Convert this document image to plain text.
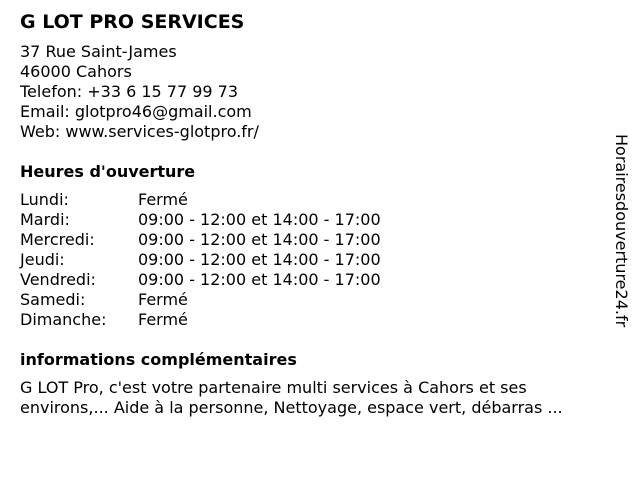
G LOT PRO SERVICES
37 Rue Saint-James
46000 Cahors
Telefon: +33 6 15 77 99 73
Email: glotpro46@gmail.com
Web: www.services-glotpro.fr/
Heures d'ouverture
Lundi:	Fermé
Mardi:	09:00 - 12:00 et 14:00 - 17:00
Mercredi:	09:00 - 12:00 et 14:00 - 17:00
Jeudi:	09:00 - 12:00 et 14:00 - 17:00
Vendredi:	09:00 - 12:00 et 14:00 - 17:00
Samedi:	Fermé
Dimanche:	Fermé
informations complémentaires
G LOT Pro, c'est votre partenaire multi services à Cahors et ses environs,... Aide à la personne, Nettoyage, espace vert, débarras ...
Horairesdouverture24.fr
